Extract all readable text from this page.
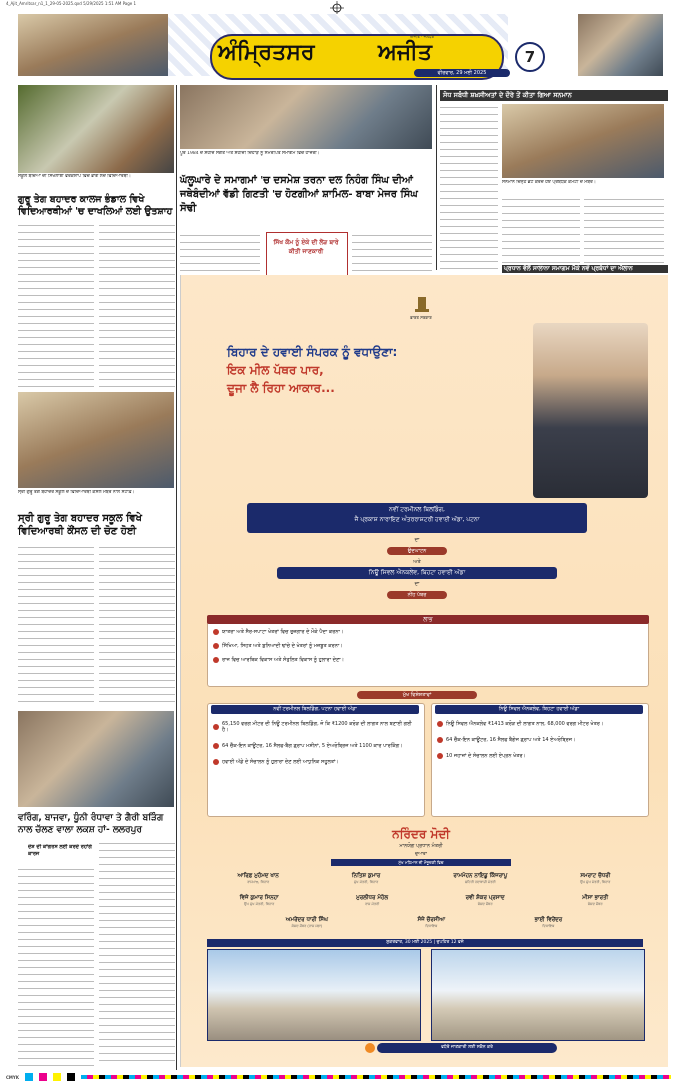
4_Ajit_Amritsar_n1_1_29-05-2025.qxd 5/29/2025 1:51 AM Page 1
ਅੰਮ੍ਰਿਤਸਰ	ਅਜੀਤ
ਅਜੀਤ · ਜਲੰਧਰ
ਵੀਰਵਾਰ, 29 ਮਈ 2025
7
ਸਕੂਲ ਬੱਚਿਆਂ ਦੀ ਸਿਖਲਾਈ ਵਰਕਸ਼ਾਪ ਵਿਚ ਭਾਗ ਲੈਂਦੇ ਵਿਦਿਆਰਥੀ।
ਗੁਰੂ ਤੇਗ ਬਹਾਦਰ ਕਾਲਜ ਭੰਡਾਲ ਵਿਖੇ ਵਿਦਿਆਰਥੀਆਂ 'ਚ ਦਾਖਲਿਆਂ ਲਈ ਉਤਸ਼ਾਹ
ਸ੍ਰੀ ਗੁਰੂ ਤੇਗ ਬਹਾਦਰ ਸਕੂਲ ਦੇ ਵਿਦਿਆਰਥੀ ਕੌਂਸਲ ਮੈਂਬਰ ਨਾਲ ਸਟਾਫ਼।
ਸ੍ਰੀ ਗੁਰੂ ਤੇਗ ਬਹਾਦਰ ਸਕੂਲ ਵਿਖੇ ਵਿਦਿਆਰਥੀ ਕੌਂਸਲ ਦੀ ਚੋਣ ਹੋਈ
ਵਰਿੰਗ, ਬਾਜਵਾ, ਧੂੰਨੀ ਰੰਧਾਵਾ ਤੇ ਗੈਰੀ ਬੜਿੰਗ ਨਾਲ ਚੱਲਣ ਵਾਲਾ ਲਕਸ਼ ਹਾਂ- ਲਲਰਪੁਰ
ਦੇਸ਼ ਦੀ ਕਾਂਗਰਸ ਲਈ ਕਰਦੇ ਰਹਾਂਗੇ ਕਾਰਜ
ਪੂਰ 1984 ਦੇ ਸ਼ਹੀਦ ਸੰਗਤ ਅਤੇ ਸ਼ਹੀਦੀ ਦਿਹਾੜੇ ਨੂੰ ਸਮਰਪਿਤ ਸਮਾਗਮ ਵਿਚ ਹਾਜ਼ਰੀ।
ਘੱਲੂਘਾਰੇ ਦੇ ਸਮਾਗਮਾਂ 'ਚ ਦਸਮੇਸ਼ ਤਰਨਾ ਦਲ ਨਿਹੰਗ ਸਿੰਘ ਦੀਆਂ ਜਥੇਬੰਦੀਆਂ ਵੱਡੀ ਗਿਣਤੀ 'ਚ ਹੋਣਗੀਆਂ ਸ਼ਾਮਿਲ- ਬਾਬਾ ਮੇਜਰ ਸਿੰਘ ਸੋਢੀ
ਸਿੱਖ ਕੌਮ ਨੂੰ ਏਕੇ ਦੀ ਲੋੜ ਬਾਰੇ ਕੀਤੀ ਜਾਣਕਾਰੀ
ਸੋਧ ਸਬੰਧੀ ਸ਼ਖ਼ਸੀਅਤਾਂ ਦੇ ਦੌਰੇ ਤੋਂ ਕੀਤਾ ਗਿਆ ਸਨਮਾਨ
ਸਨਮਾਨ ਚਿੰਨ੍ਹ ਭੇਟ ਕਰਦੇ ਹੋਏ ਪ੍ਰਬੰਧਕ ਕਮੇਟੀ ਦੇ ਮੈਂਬਰ।
ਪ੍ਰਧਾਨ ਵੱਲੋਂ ਸਾਲਾਨਾ ਸਮਾਗਮ ਮੌਕੇ ਨਵੇਂ ਪ੍ਰਬੰਧਾਂ ਦਾ ਐਲਾਨ
ਭਾਰਤ ਸਰਕਾਰ
ਬਿਹਾਰ ਦੇ ਹਵਾਈ ਸੰਪਰਕ ਨੂੰ ਵਧਾਉਣਾ:
ਇਕ ਮੀਲ ਪੱਥਰ ਪਾਰ,
ਦੂਜਾ ਲੈ ਰਿਹਾ ਆਕਾਰ...
ਨਵੀਂ ਟਰਮੀਨਲ ਬਿਲਡਿੰਗ,
ਜੈ ਪ੍ਰਕਾਸ਼ ਨਾਰਾਇਣ ਅੰਤਰਰਾਸ਼ਟਰੀ ਹਵਾਈ ਅੱਡਾ, ਪਟਨਾ
ਦਾ
ਉਦਘਾਟਨ
ਅਤੇ
ਨਿਊ ਸਿਵਲ ਐਨਕਲੇਵ, ਬਿਹਟਾ ਹਵਾਈ ਅੱਡਾ
ਦਾ
ਨੀਂਹ ਪੱਥਰ
ਲਾਭ
ਯਾਤਰਾ ਅਤੇ ਸੈਰ-ਸਪਾਟਾ ਖੇਤਰਾਂ ਵਿਚ ਰੁਜ਼ਗਾਰ ਦੇ ਮੌਕੇ ਪੈਦਾ ਕਰਨਾ।
ਸਿੱਖਿਆ, ਸਿਹਤ ਅਤੇ ਬੁਨਿਆਦੀ ਢਾਂਚੇ ਦੇ ਖੇਤਰਾਂ ਨੂੰ ਮਜ਼ਬੂਤ ਕਰਨਾ।
ਰਾਜ ਵਿਚ ਆਰਥਿਕ ਵਿਕਾਸ ਅਤੇ ਸੰਤੁਲਿਤ ਵਿਕਾਸ ਨੂੰ ਹੁਲਾਰਾ ਦੇਣਾ।
ਮੁੱਖ ਵਿਸ਼ੇਸ਼ਤਾਵਾਂ
ਨਵੀਂ ਟਰਮੀਨਲ ਬਿਲਡਿੰਗ, ਪਟਨਾ ਹਵਾਈ ਅੱਡਾ	ਨਿਊ ਸਿਵਲ ਐਨਕਲੇਵ, ਬਿਹਟਾ ਹਵਾਈ ਅੱਡਾ
65,150 ਵਰਗ ਮੀਟਰ ਦੀ ਨਿਊ ਟਰਮੀਨਲ ਬਿਲਡਿੰਗ, ਜੋ ਕਿ ₹1200 ਕਰੋੜ ਦੀ ਲਾਗਤ ਨਾਲ ਬਣਾਈ ਗਈ ਹੈ।
64 ਚੈੱਕ-ਇਨ ਕਾਊਂਟਰ, 16 ਸੈਲਫ-ਬੈਗ ਡ੍ਰਾਪ ਮਸ਼ੀਨਾਂ, 5 ਏਅਰੋਬ੍ਰਿਜ ਅਤੇ 1100 ਕਾਰ ਪਾਰਕਿੰਗ।
ਹਵਾਈ ਅੱਡੇ ਦੇ ਸੰਚਾਲਨ ਨੂੰ ਹੁਲਾਰਾ ਦੇਣ ਲਈ ਆਧੁਨਿਕ ਸਹੂਲਤਾਂ।
ਨਿਊ ਸਿਵਲ ਐਨਕਲੇਵ ₹1413 ਕਰੋੜ ਦੀ ਲਾਗਤ ਨਾਲ, 68,000 ਵਰਗ ਮੀਟਰ ਖੇਤਰ।
64 ਚੈੱਕ-ਇਨ ਕਾਊਂਟਰ, 16 ਸੈਲਫ ਬੈਗੇਜ ਡ੍ਰਾਪ ਅਤੇ 14 ਏਅਰੋਬ੍ਰਿਜ।
10 ਜਹਾਜ਼ਾਂ ਦੇ ਸੰਚਾਲਨ ਲਈ ਏਪ੍ਰਨ ਖੇਤਰ।
ਨਰਿੰਦਰ ਮੋਦੀ
ਮਾਨਯੋਗ ਪ੍ਰਧਾਨ ਮੰਤਰੀ
ਦੁਆਰਾ
ਮੁੱਖ ਮਹਿਮਾਨ ਦੀ ਮੌਜੂਦਗੀ ਵਿਚ
ਆਰਿਫ਼ ਮੁਹੰਮਦ ਖਾਨ
ਰਾਜਪਾਲ, ਬਿਹਾਰ
ਨਿਤਿਸ਼ ਕੁਮਾਰ
ਮੁੱਖ ਮੰਤਰੀ, ਬਿਹਾਰ
ਰਾਮਮੋਹਨ ਨਾਇਡੂ ਕਿੰਜਰਾਪੂ
ਸ਼ਹਿਰੀ ਹਵਾਬਾਜ਼ੀ ਮੰਤਰੀ
ਸਮਰਾਟ ਚੌਧਰੀ
ਉਪ ਮੁੱਖ ਮੰਤਰੀ, ਬਿਹਾਰ
ਵਿਜੇ ਕੁਮਾਰ ਸਿਨਹਾ
ਉਪ ਮੁੱਖ ਮੰਤਰੀ, ਬਿਹਾਰ
ਮੁਰਲੀਧਰ ਮੋਹੋਲ
ਰਾਜ ਮੰਤਰੀ
ਰਵੀ ਸ਼ੰਕਰ ਪ੍ਰਸਾਦ
ਸੰਸਦ ਮੈਂਬਰ
ਮੀਸਾ ਭਾਰਤੀ
ਸੰਸਦ ਮੈਂਬਰ
ਅਮਰੇਂਦਰ ਧਾਰੀ ਸਿੰਘ
ਸੰਸਦ ਮੈਂਬਰ (ਰਾਜ ਸਭਾ)
ਸੰਜੇ ਚੌਰਸੀਆ
ਵਿਧਾਇਕ
ਭਾਈ ਵਿਰੇਂਦਰ
ਵਿਧਾਇਕ
ਸ਼ੁਕਰਵਾਰ, 30 ਮਈ 2025 | ਦੁਪਹਿਰ 12 ਵਜੇ
ਵਧੇਰੇ ਜਾਣਕਾਰੀ ਲਈ ਸਕੈਨ ਕਰੋ
CMYK
